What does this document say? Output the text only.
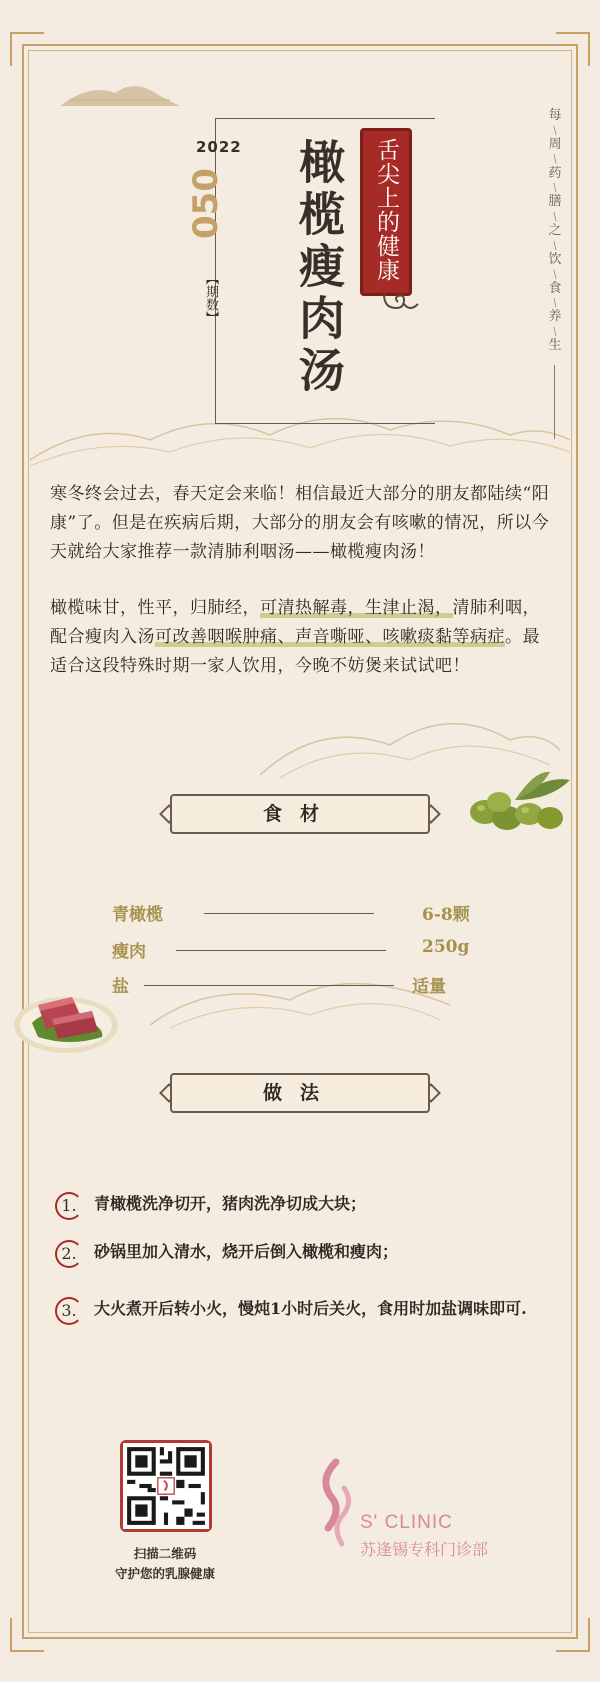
2022
050
【期数】	橄榄瘦肉汤	舌尖上的健康
每
/
周
/
药
/
膳
/
之
/
饮
/
食
/
养
/
生
寒冬终会过去，春天定会来临！相信最近大部分的朋友都陆续“阳康”了。但是在疾病后期，大部分的朋友会有咳嗽的情况，所以今天就给大家推荐一款清肺利咽汤——橄榄瘦肉汤！
橄榄味甘，性平，归肺经，可清热解毒，生津止渴，清肺利咽，配合瘦肉入汤可改善咽喉肿痛、声音嘶哑、咳嗽痰黏等病症。最适合这段特殊时期一家人饮用，今晚不妨煲来试试吧！
食材
青橄榄	6-8颗
瘦肉	250g
盐	适量
做法
1.	青橄榄洗净切开，猪肉洗净切成大块；
2.	砂锅里加入清水，烧开后倒入橄榄和瘦肉；
3.	大火煮开后转小火，慢炖1小时后关火，食用时加盐调味即可.
扫描二维码
守护您的乳腺健康
S' CLINIC
苏逢锡专科门诊部
